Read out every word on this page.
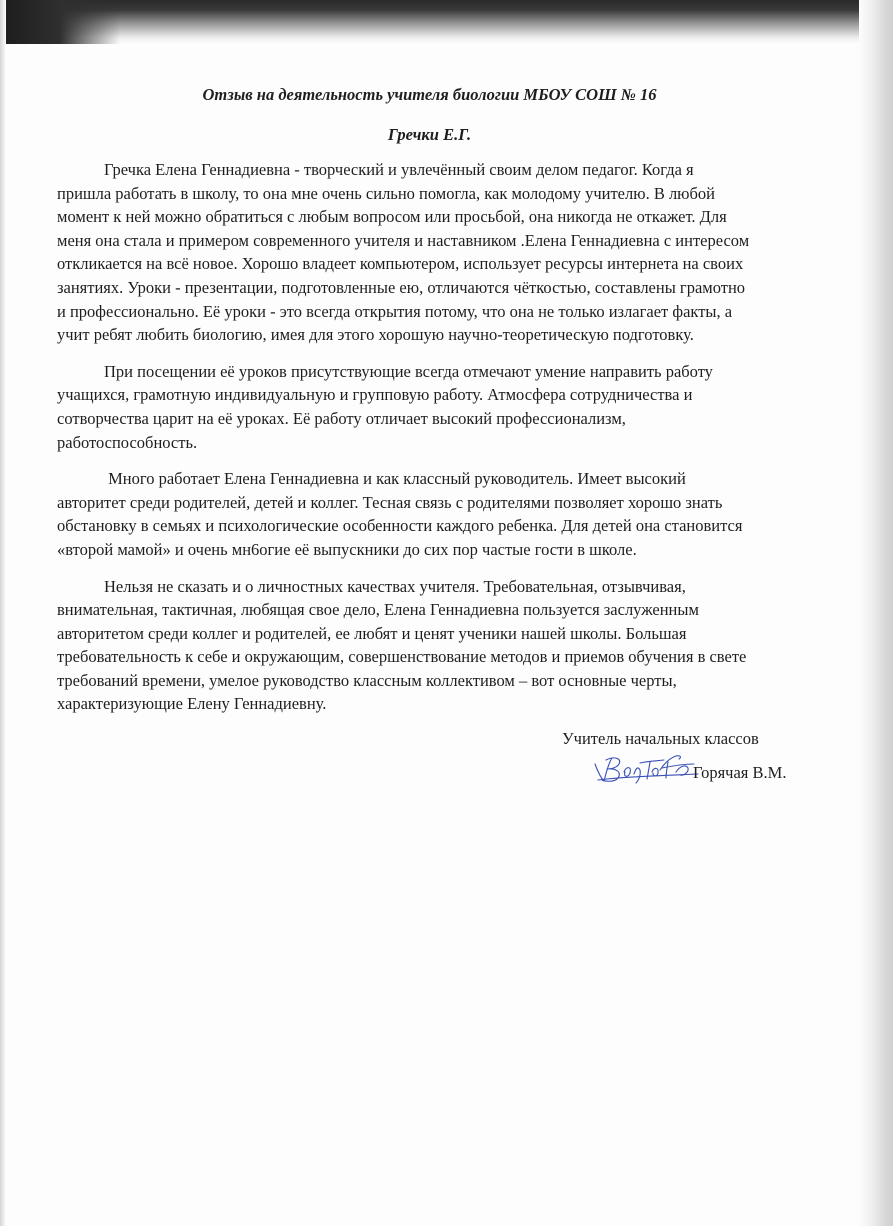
Отзыв на деятельность учителя биологии МБОУ СОШ № 16
Гречки Е.Г.

Гречка Елена Геннадиевна - творческий и увлечённый своим делом педагог. Когда я
пришла работать в школу, то она мне очень сильно помогла, как молодому учителю. В любой
момент к ней можно обратиться с любым вопросом или просьбой, она никогда не откажет. Для
меня она стала и примером современного учителя и наставником .Елена Геннадиевна с интересом
откликается на всё новое. Хорошо владеет компьютером, использует ресурсы интернета на своих
занятиях. Уроки - презентации, подготовленные ею, отличаются чёткостью, составлены грамотно
и профессионально. Её уроки - это всегда открытия потому, что она не только излагает факты, а
учит ребят любить биологию, имея для этого хорошую научно-теоретическую подготовку.

При посещении её уроков присутствующие всегда отмечают умение направить работу
учащихся, грамотную индивидуальную и групповую работу. Атмосфера сотрудничества и
сотворчества царит на её уроках. Её работу отличает высокий профессионализм,
работоспособность.

Много работает Елена Геннадиевна и как классный руководитель. Имеет высокий
авторитет среди родителей, детей и коллег. Тесная связь с родителями позволяет хорошо знать
обстановку в семьях и психологические особенности каждого ребенка. Для детей она становится
«второй мамой» и очень мн6огие её выпускники до сих пор частые гости в школе.

Нельзя не сказать и о личностных качествах учителя. Требовательная, отзывчивая,
внимательная, тактичная, любящая свое дело, Елена Геннадиевна пользуется заслуженным
авторитетом среди коллег и родителей, ее любят и ценят ученики нашей школы. Большая
требовательность к себе и окружающим, совершенствование методов и приемов обучения в свете
требований времени, умелое руководство классным коллективом – вот основные черты,
характеризующие Елену Геннадиевну.

Учитель начальных классов
Горячая В.М.
